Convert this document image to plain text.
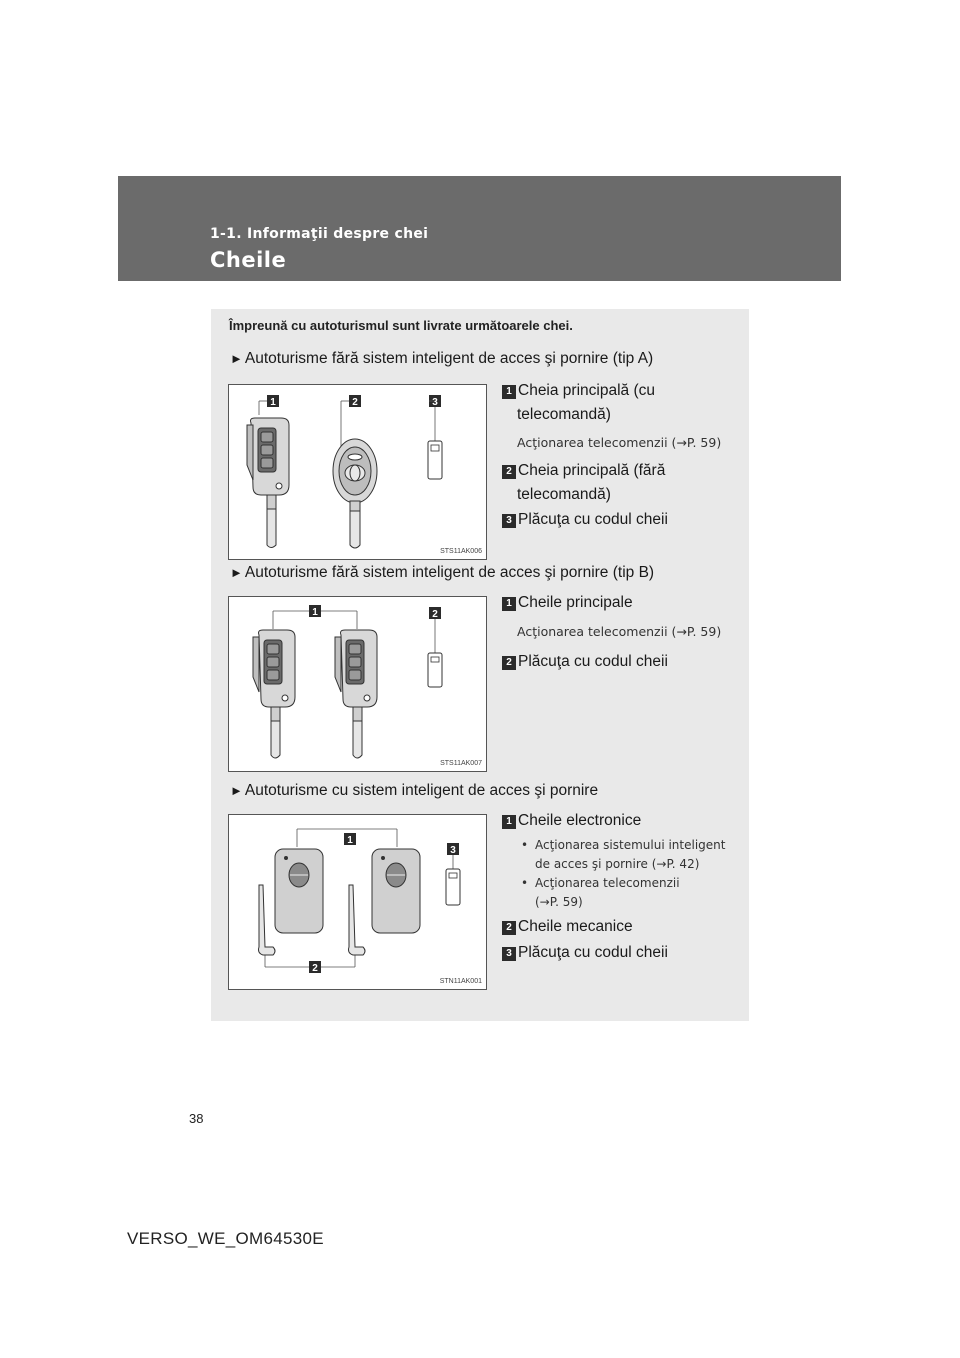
1-1. Informaţii despre chei
Cheile
Împreună cu autoturismul sunt livrate următoarele chei.
► Autoturisme fără sistem inteligent de acces şi pornire (tip A)
1	2	3
STS11AK006
1 Cheia principală (cu
telecomandă)
Acţionarea telecomenzii (→P. 59)
2 Cheia principală (fără
telecomandă)
3 Plăcuţa cu codul cheii
► Autoturisme fără sistem inteligent de acces şi pornire (tip B)
1	2
STS11AK007
1 Cheile principale
Acţionarea telecomenzii (→P. 59)
2 Plăcuţa cu codul cheii
► Autoturisme cu sistem inteligent de acces şi pornire
1
3
2
STN11AK001
1 Cheile electronice
• Acţionarea sistemului inteligent
de acces şi pornire (→P. 42)
• Acţionarea telecomenzii
(→P. 59)
2 Cheile mecanice
3 Plăcuţa cu codul cheii
38
VERSO_WE_OM64530E
